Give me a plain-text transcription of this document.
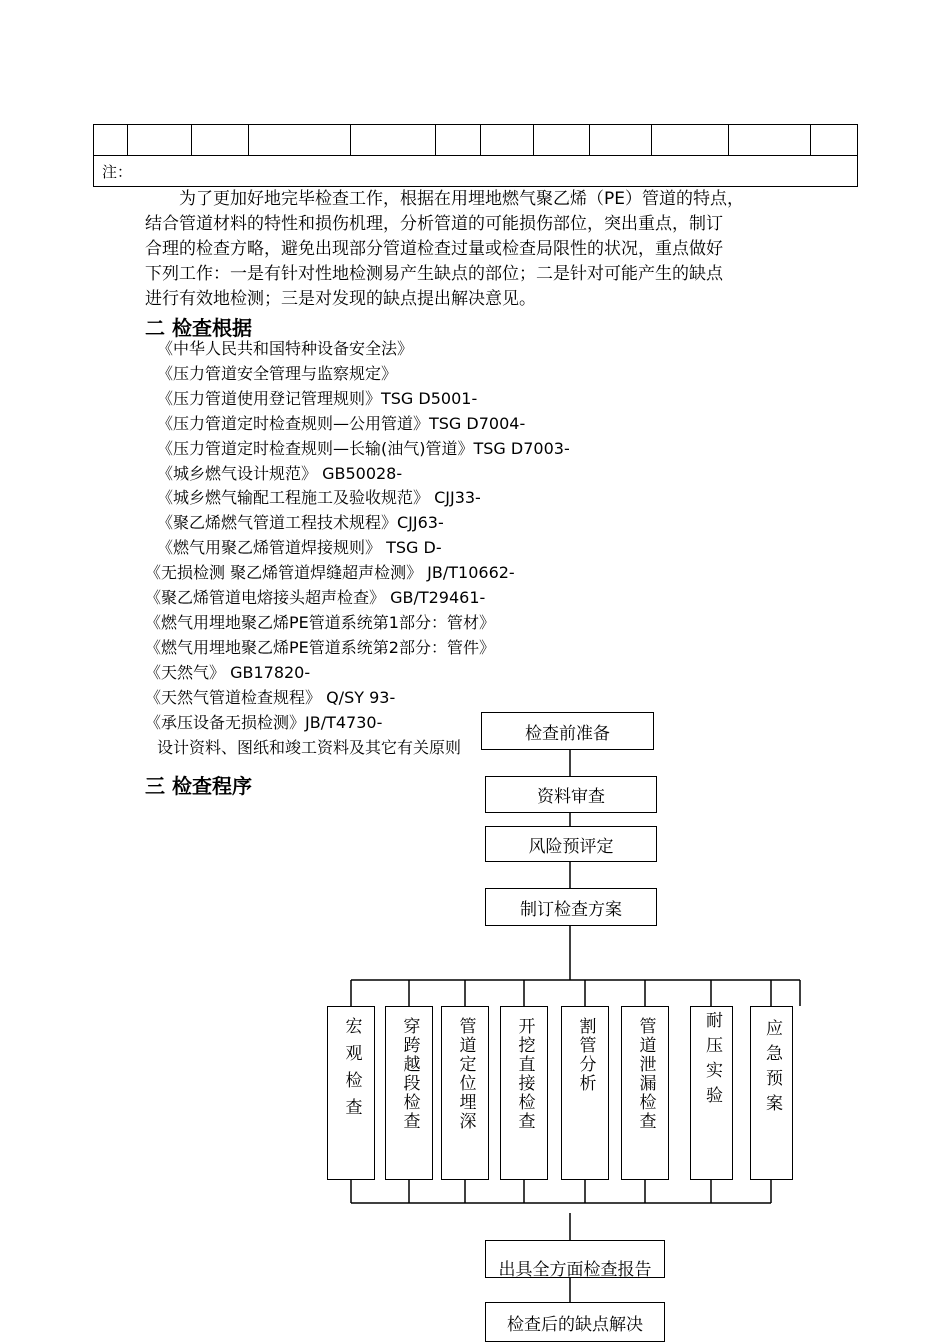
注：
　　为了更加好地完毕检查工作，根据在用埋地燃气聚乙烯（PE）管道的特点，
结合管道材料的特性和损伤机理，分析管道的可能损伤部位，突出重点，制订
合理的检查方略，避免出现部分管道检查过量或检查局限性的状况，重点做好
下列工作：一是有针对性地检测易产生缺点的部位；二是针对可能产生的缺点
进行有效地检测；三是对发现的缺点提出解决意见。
二 检查根据
《中华人民共和国特种设备安全法》
《压力管道安全管理与监察规定》
《压力管道使用登记管理规则》TSG D5001-
《压力管道定时检查规则—公用管道》TSG D7004-
《压力管道定时检查规则—长输(油气)管道》TSG D7003-
《城乡燃气设计规范》 GB50028-
《城乡燃气输配工程施工及验收规范》 CJJ33-
《聚乙烯燃气管道工程技术规程》CJJ63-
《燃气用聚乙烯管道焊接规则》 TSG D-
《无损检测 聚乙烯管道焊缝超声检测》 JB/T10662-
《聚乙烯管道电熔接头超声检查》 GB/T29461-
《燃气用埋地聚乙烯PE管道系统第1部分：管材》
《燃气用埋地聚乙烯PE管道系统第2部分：管件》
《天然气》 GB17820-
《天然气管道检查规程》 Q/SY 93-
《承压设备无损检测》JB/T4730-
设计资料、图纸和竣工资料及其它有关原则
三 检查程序
检查前准备
资料审查
风险预评定
制订检查方案
宏观检查 穿跨越段检查 管道定位埋深 开挖直接检查 割管分析 管道泄漏检查	耐压实验 应急预案
出具全方面检查报告
检查后的缺点解决
